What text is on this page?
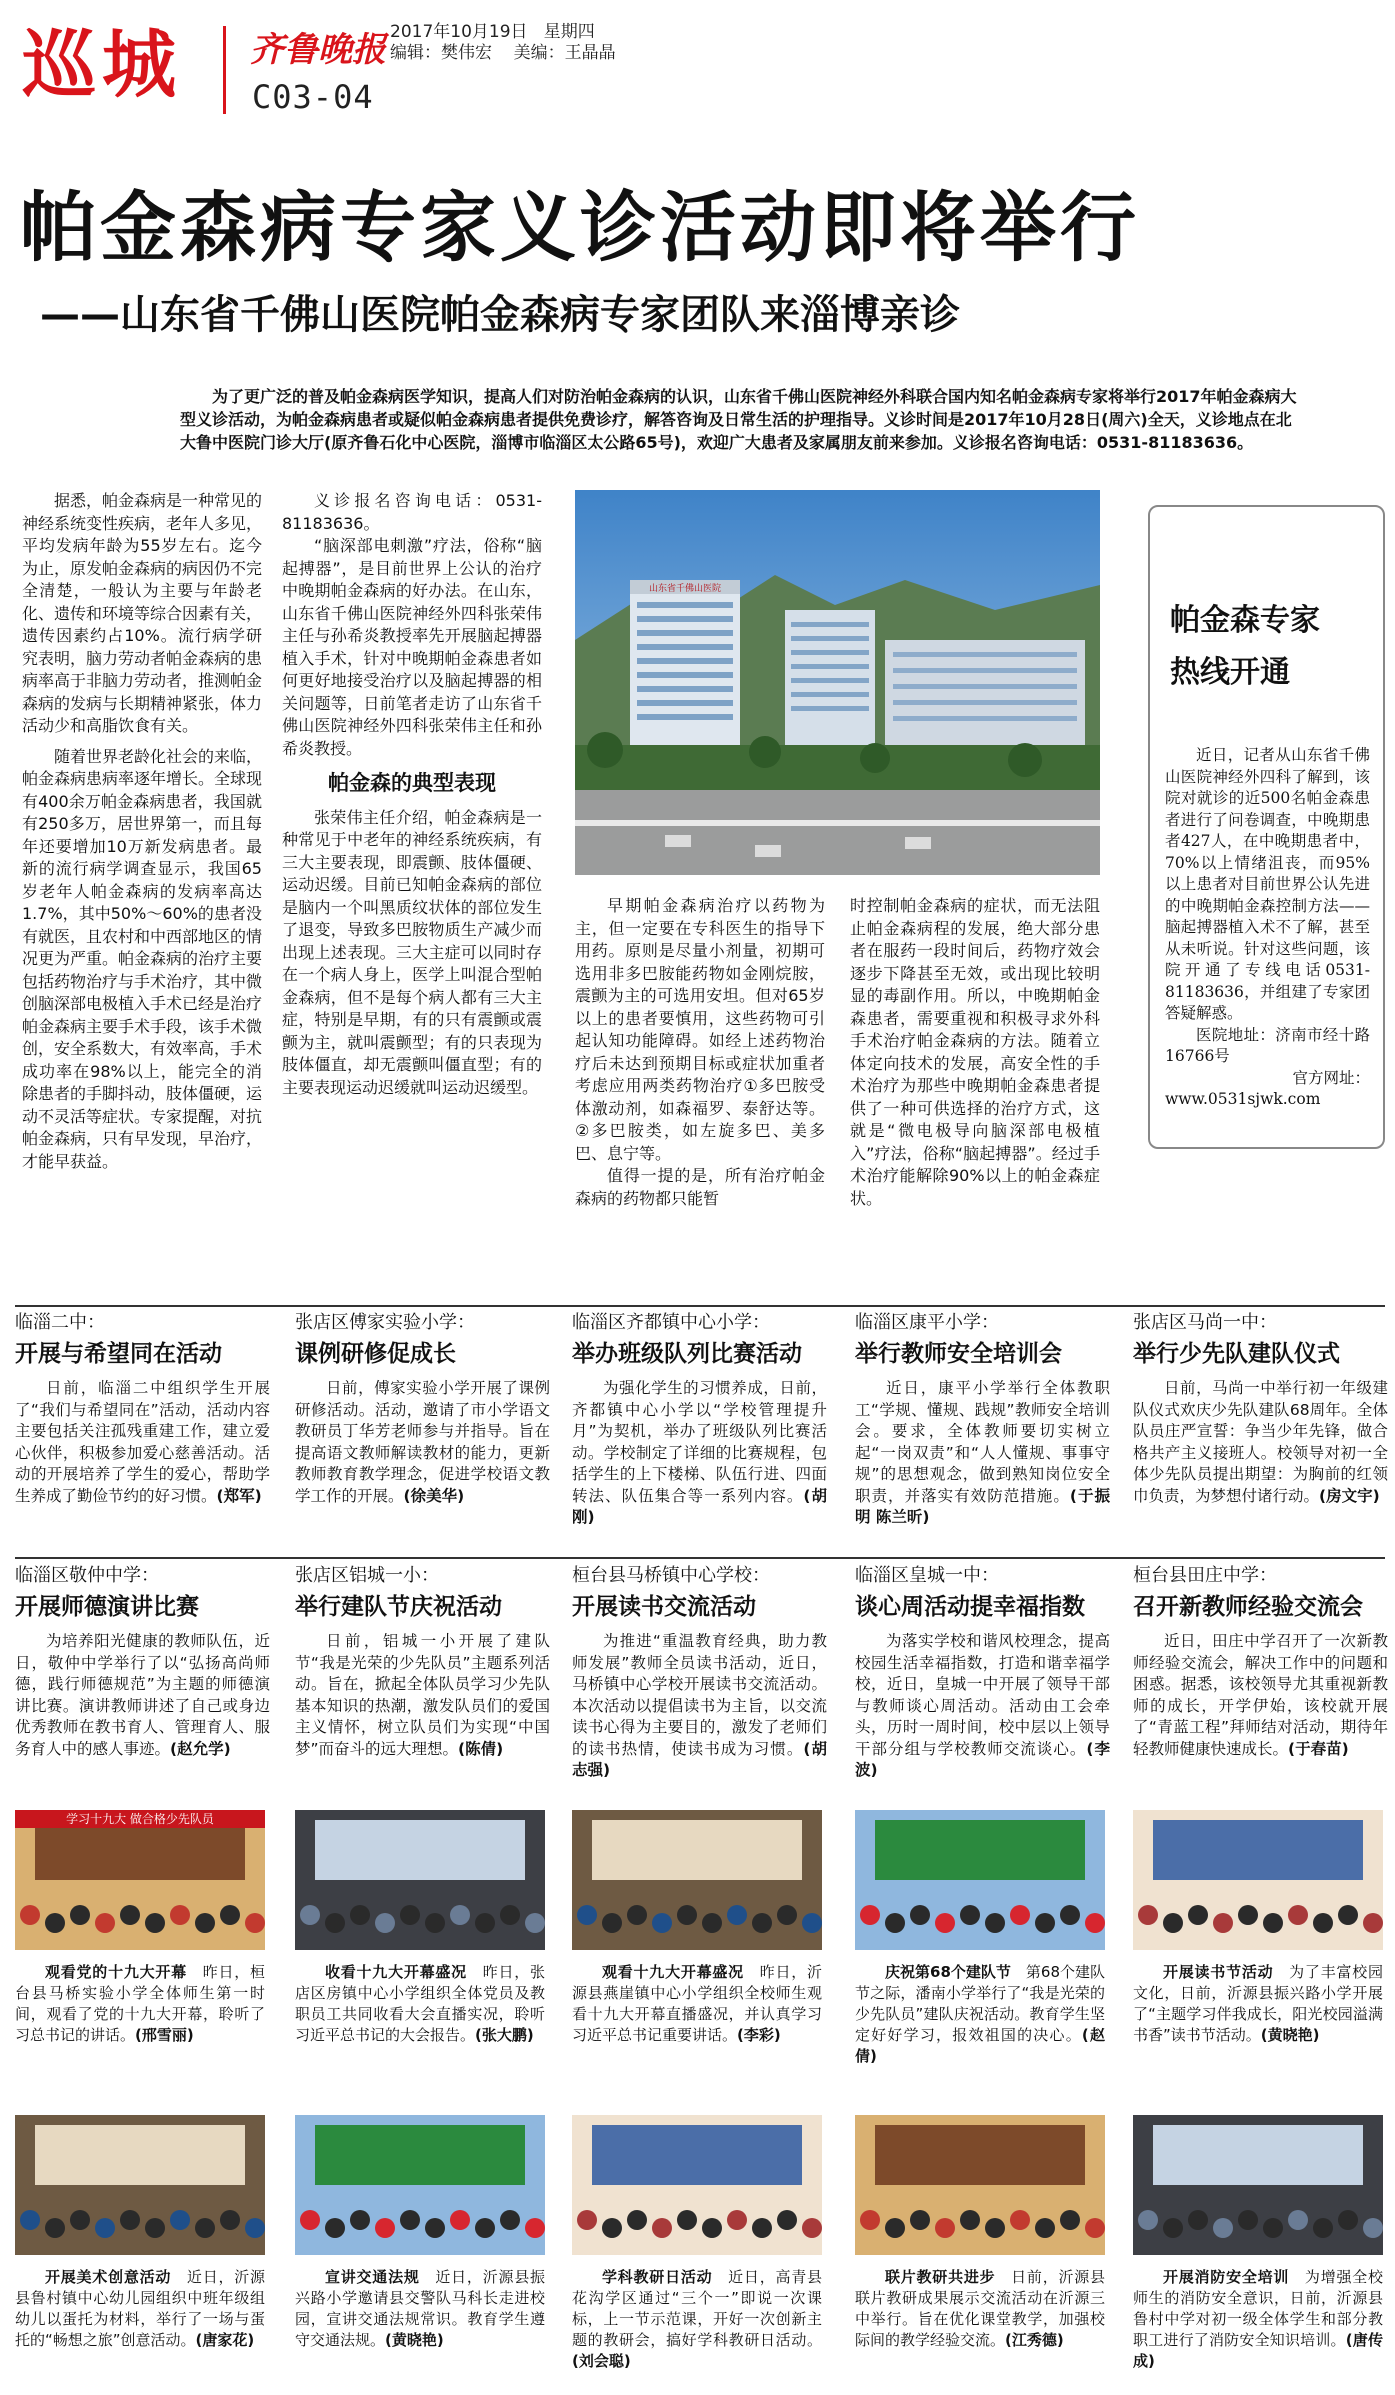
巡城 齐鲁晚报 2017年10月19日 星期四
编辑：樊伟宏 美编：王晶晶
C03-04
帕金森病专家义诊活动即将举行
——山东省千佛山医院帕金森病专家团队来淄博亲诊
为了更广泛的普及帕金森病医学知识，提高人们对防治帕金森病的认识，山东省千佛山医院神经外科联合国内知名帕金森病专家将举行2017年帕金森病大型义诊活动，为帕金森病患者或疑似帕金森病患者提供免费诊疗，解答咨询及日常生活的护理指导。义诊时间是2017年10月28日(周六)全天，义诊地点在北大鲁中医院门诊大厅(原齐鲁石化中心医院，淄博市临淄区太公路65号)，欢迎广大患者及家属朋友前来参加。义诊报名咨询电话：0531-81183636。

据悉，帕金森病是一种常见的神经系统变性疾病，老年人多见，平均发病年龄为55岁左右。迄今为止，原发帕金森病的病因仍不完全清楚，一般认为主要与年龄老化、遗传和环境等综合因素有关，遗传因素约占10%。流行病学研究表明，脑力劳动者帕金森病的患病率高于非脑力劳动者，推测帕金森病的发病与长期精神紧张，体力活动少和高脂饮食有关。

随着世界老龄化社会的来临，帕金森病患病率逐年增长。全球现有400余万帕金森病患者，我国就有250多万，居世界第一，而且每年还要增加10万新发病患者。最新的流行病学调查显示，我国65岁老年人帕金森病的发病率高达1.7%，其中50%～60%的患者没有就医，且农村和中西部地区的情况更为严重。帕金森病的治疗主要包括药物治疗与手术治疗，其中微创脑深部电极植入手术已经是治疗帕金森病主要手术手段，该手术微创，安全系数大，有效率高，手术成功率在98%以上，能完全的消除患者的手脚抖动，肢体僵硬，运动不灵活等症状。专家提醒，对抗帕金森病，只有早发现，早治疗，才能早获益。

义诊报名咨询电话：0531-81183636。

“脑深部电刺激”疗法，俗称“脑起搏器”，是目前世界上公认的治疗中晚期帕金森病的好办法。在山东，山东省千佛山医院神经外四科张荣伟主任与孙希炎教授率先开展脑起搏器植入手术，针对中晚期帕金森患者如何更好地接受治疗以及脑起搏器的相关问题等，日前笔者走访了山东省千佛山医院神经外四科张荣伟主任和孙希炎教授。

帕金森的典型表现

张荣伟主任介绍，帕金森病是一种常见于中老年的神经系统疾病，有三大主要表现，即震颤、肢体僵硬、运动迟缓。目前已知帕金森病的部位是脑内一个叫黑质纹状体的部位发生了退变，导致多巴胺物质生产减少而出现上述表现。三大主症可以同时存在一个病人身上，医学上叫混合型帕金森病，但不是每个病人都有三大主症，特别是早期，有的只有震颤或震颤为主，就叫震颤型；有的只表现为肢体僵直，却无震颤叫僵直型；有的主要表现运动迟缓就叫运动迟缓型。

山东省千佛山医院

早期帕金森病治疗以药物为主，但一定要在专科医生的指导下用药。原则是尽量小剂量，初期可选用非多巴胺能药物如金刚烷胺，震颤为主的可选用安坦。但对65岁以上的患者要慎用，这些药物可引起认知功能障碍。如经上述药物治疗后未达到预期目标或症状加重者考虑应用两类药物治疗①多巴胺受体激动剂，如森福罗、泰舒达等。②多巴胺类，如左旋多巴、美多巴、息宁等。

值得一提的是，所有治疗帕金森病的药物都只能暂

时控制帕金森病的症状，而无法阻止帕金森病程的发展，绝大部分患者在服药一段时间后，药物疗效会逐步下降甚至无效，或出现比较明显的毒副作用。所以，中晚期帕金森患者，需要重视和积极寻求外科手术治疗帕金森病的方法。随着立体定向技术的发展，高安全性的手术治疗为那些中晚期帕金森患者提供了一种可供选择的治疗方式，这就是“微电极导向脑深部电极植入”疗法，俗称“脑起搏器”。经过手术治疗能解除90%以上的帕金森症状。

帕金森专家
热线开通
近日，记者从山东省千佛山医院神经外四科了解到，该院对就诊的近500名帕金森患者进行了问卷调查，中晚期患者427人，在中晚期患者中，70%以上情绪沮丧，而95%以上患者对目前世界公认先进的中晚期帕金森控制方法——脑起搏器植入术不了解，甚至从未听说。针对这些问题，该院开通了专线电话0531-81183636，并组建了专家团答疑解惑。
医院地址：济南市经十路16766号
官方网址：
www.0531sjwk.com
临淄二中：
开展与希望同在活动
日前，临淄二中组织学生开展了“我们与希望同在”活动，活动内容主要包括关注孤残重建工作，建立爱心伙伴，积极参加爱心慈善活动。活动的开展培养了学生的爱心，帮助学生养成了勤俭节约的好习惯。(郑军)
张店区傅家实验小学：
课例研修促成长
日前，傅家实验小学开展了课例研修活动。活动，邀请了市小学语文教研员丁华芳老师参与并指导。旨在提高语文教师解读教材的能力，更新教师教育教学理念，促进学校语文教学工作的开展。(徐美华)
临淄区齐都镇中心小学：
举办班级队列比赛活动
为强化学生的习惯养成，日前，齐都镇中心小学以“学校管理提升月”为契机，举办了班级队列比赛活动。学校制定了详细的比赛规程，包括学生的上下楼梯、队伍行进、四面转法、队伍集合等一系列内容。(胡刚)
临淄区康平小学：
举行教师安全培训会
近日，康平小学举行全体教职工“学规、懂规、践规”教师安全培训会。要求，全体教师要切实树立起“一岗双责”和“人人懂规、事事守规”的思想观念，做到熟知岗位安全职责，并落实有效防范措施。(于振明 陈兰昕)
张店区马尚一中：
举行少先队建队仪式
日前，马尚一中举行初一年级建队仪式欢庆少先队建队68周年。全体队员庄严宣誓：争当少年先锋，做合格共产主义接班人。校领导对初一全体少先队员提出期望：为胸前的红领巾负责，为梦想付诸行动。(房文宇)
临淄区敬仲中学：
开展师德演讲比赛
为培养阳光健康的教师队伍，近日，敬仲中学举行了以“弘扬高尚师德，践行师德规范”为主题的师德演讲比赛。演讲教师讲述了自己或身边优秀教师在教书育人、管理育人、服务育人中的感人事迹。(赵允学)
张店区铝城一小：
举行建队节庆祝活动
日前，铝城一小开展了建队节“我是光荣的少先队员”主题系列活动。旨在，掀起全体队员学习少先队基本知识的热潮，激发队员们的爱国主义情怀，树立队员们为实现“中国梦”而奋斗的远大理想。(陈倩)
桓台县马桥镇中心学校：
开展读书交流活动
为推进“重温教育经典，助力教师发展”教师全员读书活动，近日，马桥镇中心学校开展读书交流活动。本次活动以提倡读书为主旨，以交流读书心得为主要目的，激发了老师们的读书热情，使读书成为习惯。(胡志强)
临淄区皇城一中：
谈心周活动提幸福指数
为落实学校和谐风校理念，提高校园生活幸福指数，打造和谐幸福学校，近日，皇城一中开展了领导干部与教师谈心周活动。活动由工会牵头，历时一周时间，校中层以上领导干部分组与学校教师交流谈心。(李波)
桓台县田庄中学：
召开新教师经验交流会
近日，田庄中学召开了一次新教师经验交流会，解决工作中的问题和困惑。据悉，该校领导尤其重视新教师的成长，开学伊始，该校就开展了“青蓝工程”拜师结对活动，期待年轻教师健康快速成长。(于春苗)
学习十九大 做合格少先队员
观看党的十九大开幕　 昨日，桓台县马桥实验小学全体师生第一时间，观看了党的十九大开幕，聆听了习总书记的讲话。(邢雪丽)
收看十九大开幕盛况　 昨日，张店区房镇中心小学组织全体党员及教职员工共同收看大会直播实况，聆听习近平总书记的大会报告。(张大鹏)
观看十九大开幕盛况　 昨日，沂源县燕崖镇中心小学组织全校师生观看十九大开幕直播盛况，并认真学习习近平总书记重要讲话。(李彩)
庆祝第68个建队节　 第68个建队节之际，潘南小学举行了“我是光荣的少先队员”建队庆祝活动。教育学生坚定好好学习，报效祖国的决心。(赵倩)
开展读书节活动　 为了丰富校园文化，日前，沂源县振兴路小学开展了“主题学习伴我成长，阳光校园溢满书香”读书节活动。(黄晓艳)
开展美术创意活动　 近日，沂源县鲁村镇中心幼儿园组织中班年级组幼儿以蛋托为材料，举行了一场与蛋托的“畅想之旅”创意活动。(唐家花)
宣讲交通法规　 近日，沂源县振兴路小学邀请县交警队马科长走进校园，宣讲交通法规常识。教育学生遵守交通法规。(黄晓艳)
学科教研日活动　 近日，高青县花沟学区通过“三个一”即说一次课标，上一节示范课，开好一次创新主题的教研会，搞好学科教研日活动。(刘会聪)
联片教研共进步　 日前，沂源县联片教研成果展示交流活动在沂源三中举行。旨在优化课堂教学，加强校际间的教学经验交流。(江秀德)
开展消防安全培训　 为增强全校师生的消防安全意识，日前，沂源县鲁村中学对初一级全体学生和部分教职工进行了消防安全知识培训。(唐传成)
